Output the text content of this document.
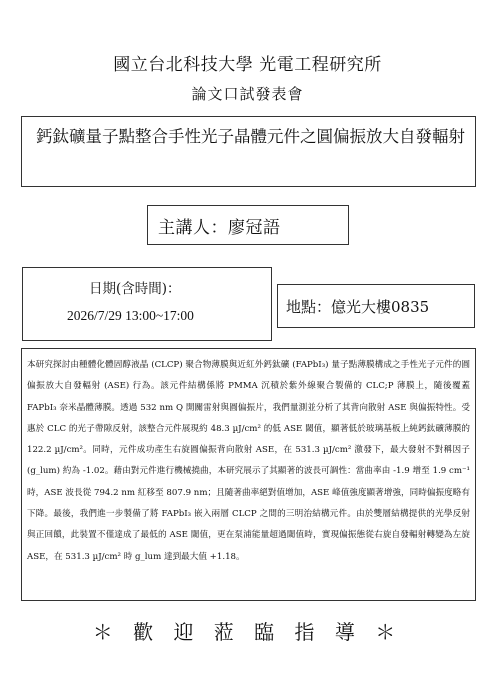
國立台北科技大學 光電工程研究所
論文口試發表會
鈣鈦礦量子點整合手性光子晶體元件之圓偏振放大自發輻射
主講人：廖冠語
日期(含時間)：
2026/7/29 13:00~17:00	地點：億光大樓0835
本研究探討由種體化體固醇液晶 (CLCP) 聚合物薄膜與近紅外鈣鈦礦 (FAPbI₃) 量子點薄膜構成之手性光子元件的圓偏振放大自發輻射 (ASE) 行為。該元件結構係將 PMMA 沉積於紫外線聚合製備的 CLC;P 薄膜上，隨後覆蓋 FAPbI₃ 奈米晶體薄膜。透過 532 nm Q 開關雷射與圓偏振片，我們量測並分析了其背向散射 ASE 與偏振特性。受惠於 CLC 的光子帶隙反射，該整合元件展現約 48.3 µJ/cm² 的低 ASE 閾值，顯著低於玻璃基板上純鈣鈦礦薄膜的 122.2 µJ/cm²。同時，元件成功產生右旋圓偏振背向散射 ASE，在 531.3 µJ/cm² 激發下，最大發射不對稱因子 (g_lum) 約為 -1.02。藉由對元件進行機械撓曲，本研究展示了其顯著的波長可調性：當曲率由 -1.9 增至 1.9 cm⁻¹ 時，ASE 波長從 794.2 nm 紅移至 807.9 nm；且隨著曲率絕對值增加，ASE 峰值強度顯著增強，同時偏振度略有下降。最後，我們進一步製備了將 FAPbI₃ 嵌入兩層 CLCP 之間的三明治結構元件。由於雙層結構提供的光學反射與正回饋，此裝置不僅達成了最低的 ASE 閾值，更在泵浦能量超過閾值時，實現偏振態從右旋自發輻射轉變為左旋 ASE，在 531.3 µJ/cm² 時 g_lum 達到最大值 +1.18。
＊ 歡 迎 蒞 臨 指 導 ＊
